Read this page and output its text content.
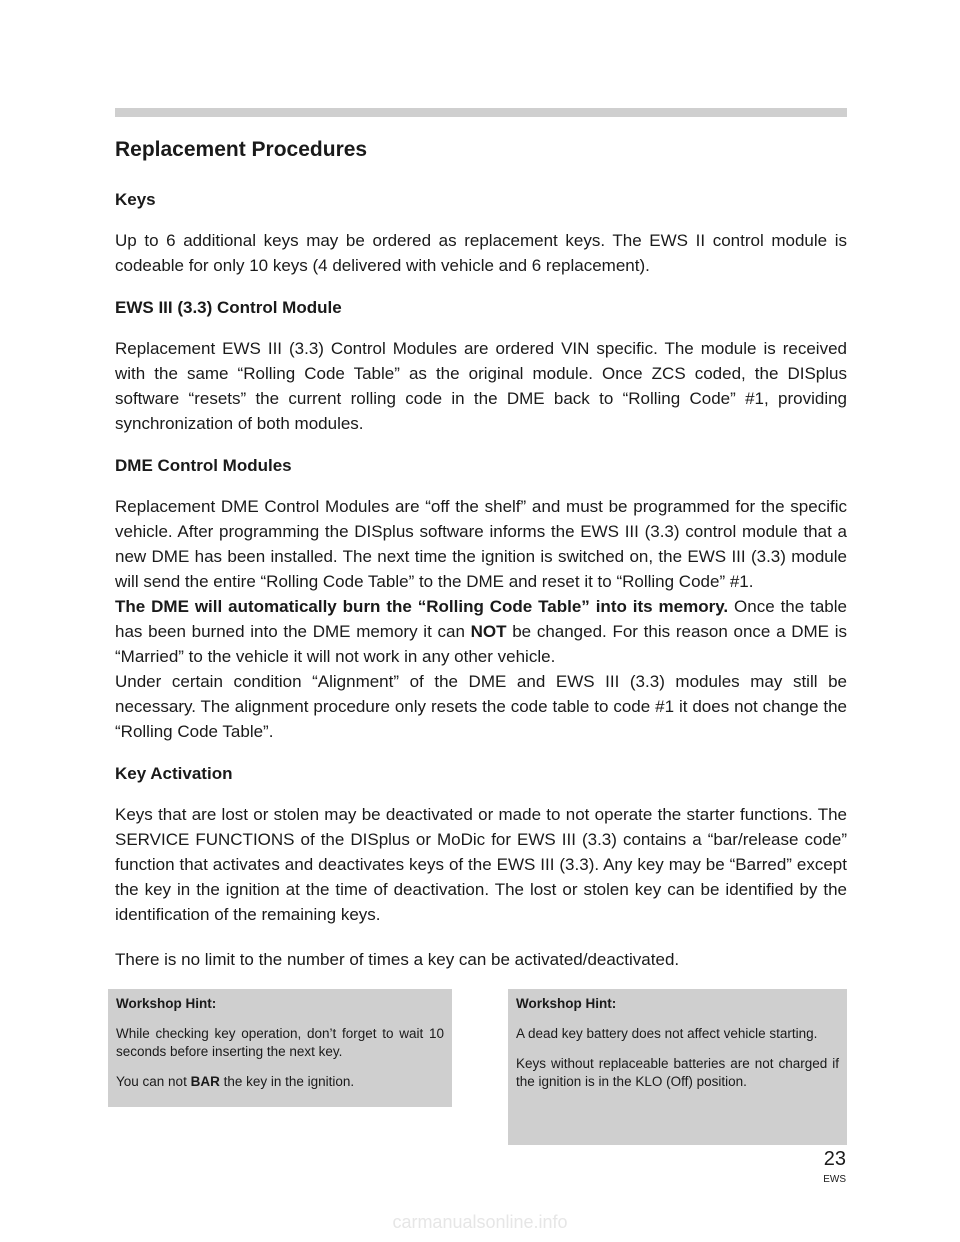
Replacement Procedures
Keys

Up to 6 additional keys may be ordered as replacement keys. The EWS II control module is codeable for only 10 keys (4 delivered with vehicle and 6 replacement).

EWS III (3.3) Control Module

Replacement EWS III (3.3) Control Modules are ordered VIN specific. The module is received with the same “Rolling Code Table” as the original module. Once ZCS coded, the DISplus software “resets” the current rolling code in the DME back to “Rolling Code” #1, providing synchronization of both modules.

DME Control Modules

Replacement DME Control Modules are “off the shelf” and must be programmed for the specific vehicle. After programming the DISplus software informs the EWS III (3.3) control module that a new DME has been installed. The next time the ignition is switched on, the EWS III (3.3) module will send the entire “Rolling Code Table” to the DME and reset it to “Rolling Code” #1.

The DME will automatically burn the “Rolling Code Table” into its memory. Once the table has been burned into the DME memory it can NOT be changed. For this reason once a DME is “Married” to the vehicle it will not work in any other vehicle.

Under certain condition “Alignment” of the DME and EWS III (3.3) modules may still be necessary. The alignment procedure only resets the code table to code #1 it does not change the “Rolling Code Table”.

Key Activation

Keys that are lost or stolen may be deactivated or made to not operate the starter functions. The SERVICE FUNCTIONS of the DISplus or MoDic for EWS III (3.3) contains a “bar/release code” function that activates and deactivates keys of the EWS III (3.3). Any key may be “Barred” except the key in the ignition at the time of deactivation. The lost or stolen key can be identified by the identification of the remaining keys.

There is no limit to the number of times a key can be activated/deactivated.

Workshop Hint:
While checking key operation, don’t forget to wait 10 seconds before inserting the next key.
You can not BAR the key in the ignition.
Workshop Hint:
A dead key battery does not affect vehicle starting.
Keys without replaceable batteries are not charged if the ignition is in the KLO (Off) position.
23
EWS
carmanualsonline.info
